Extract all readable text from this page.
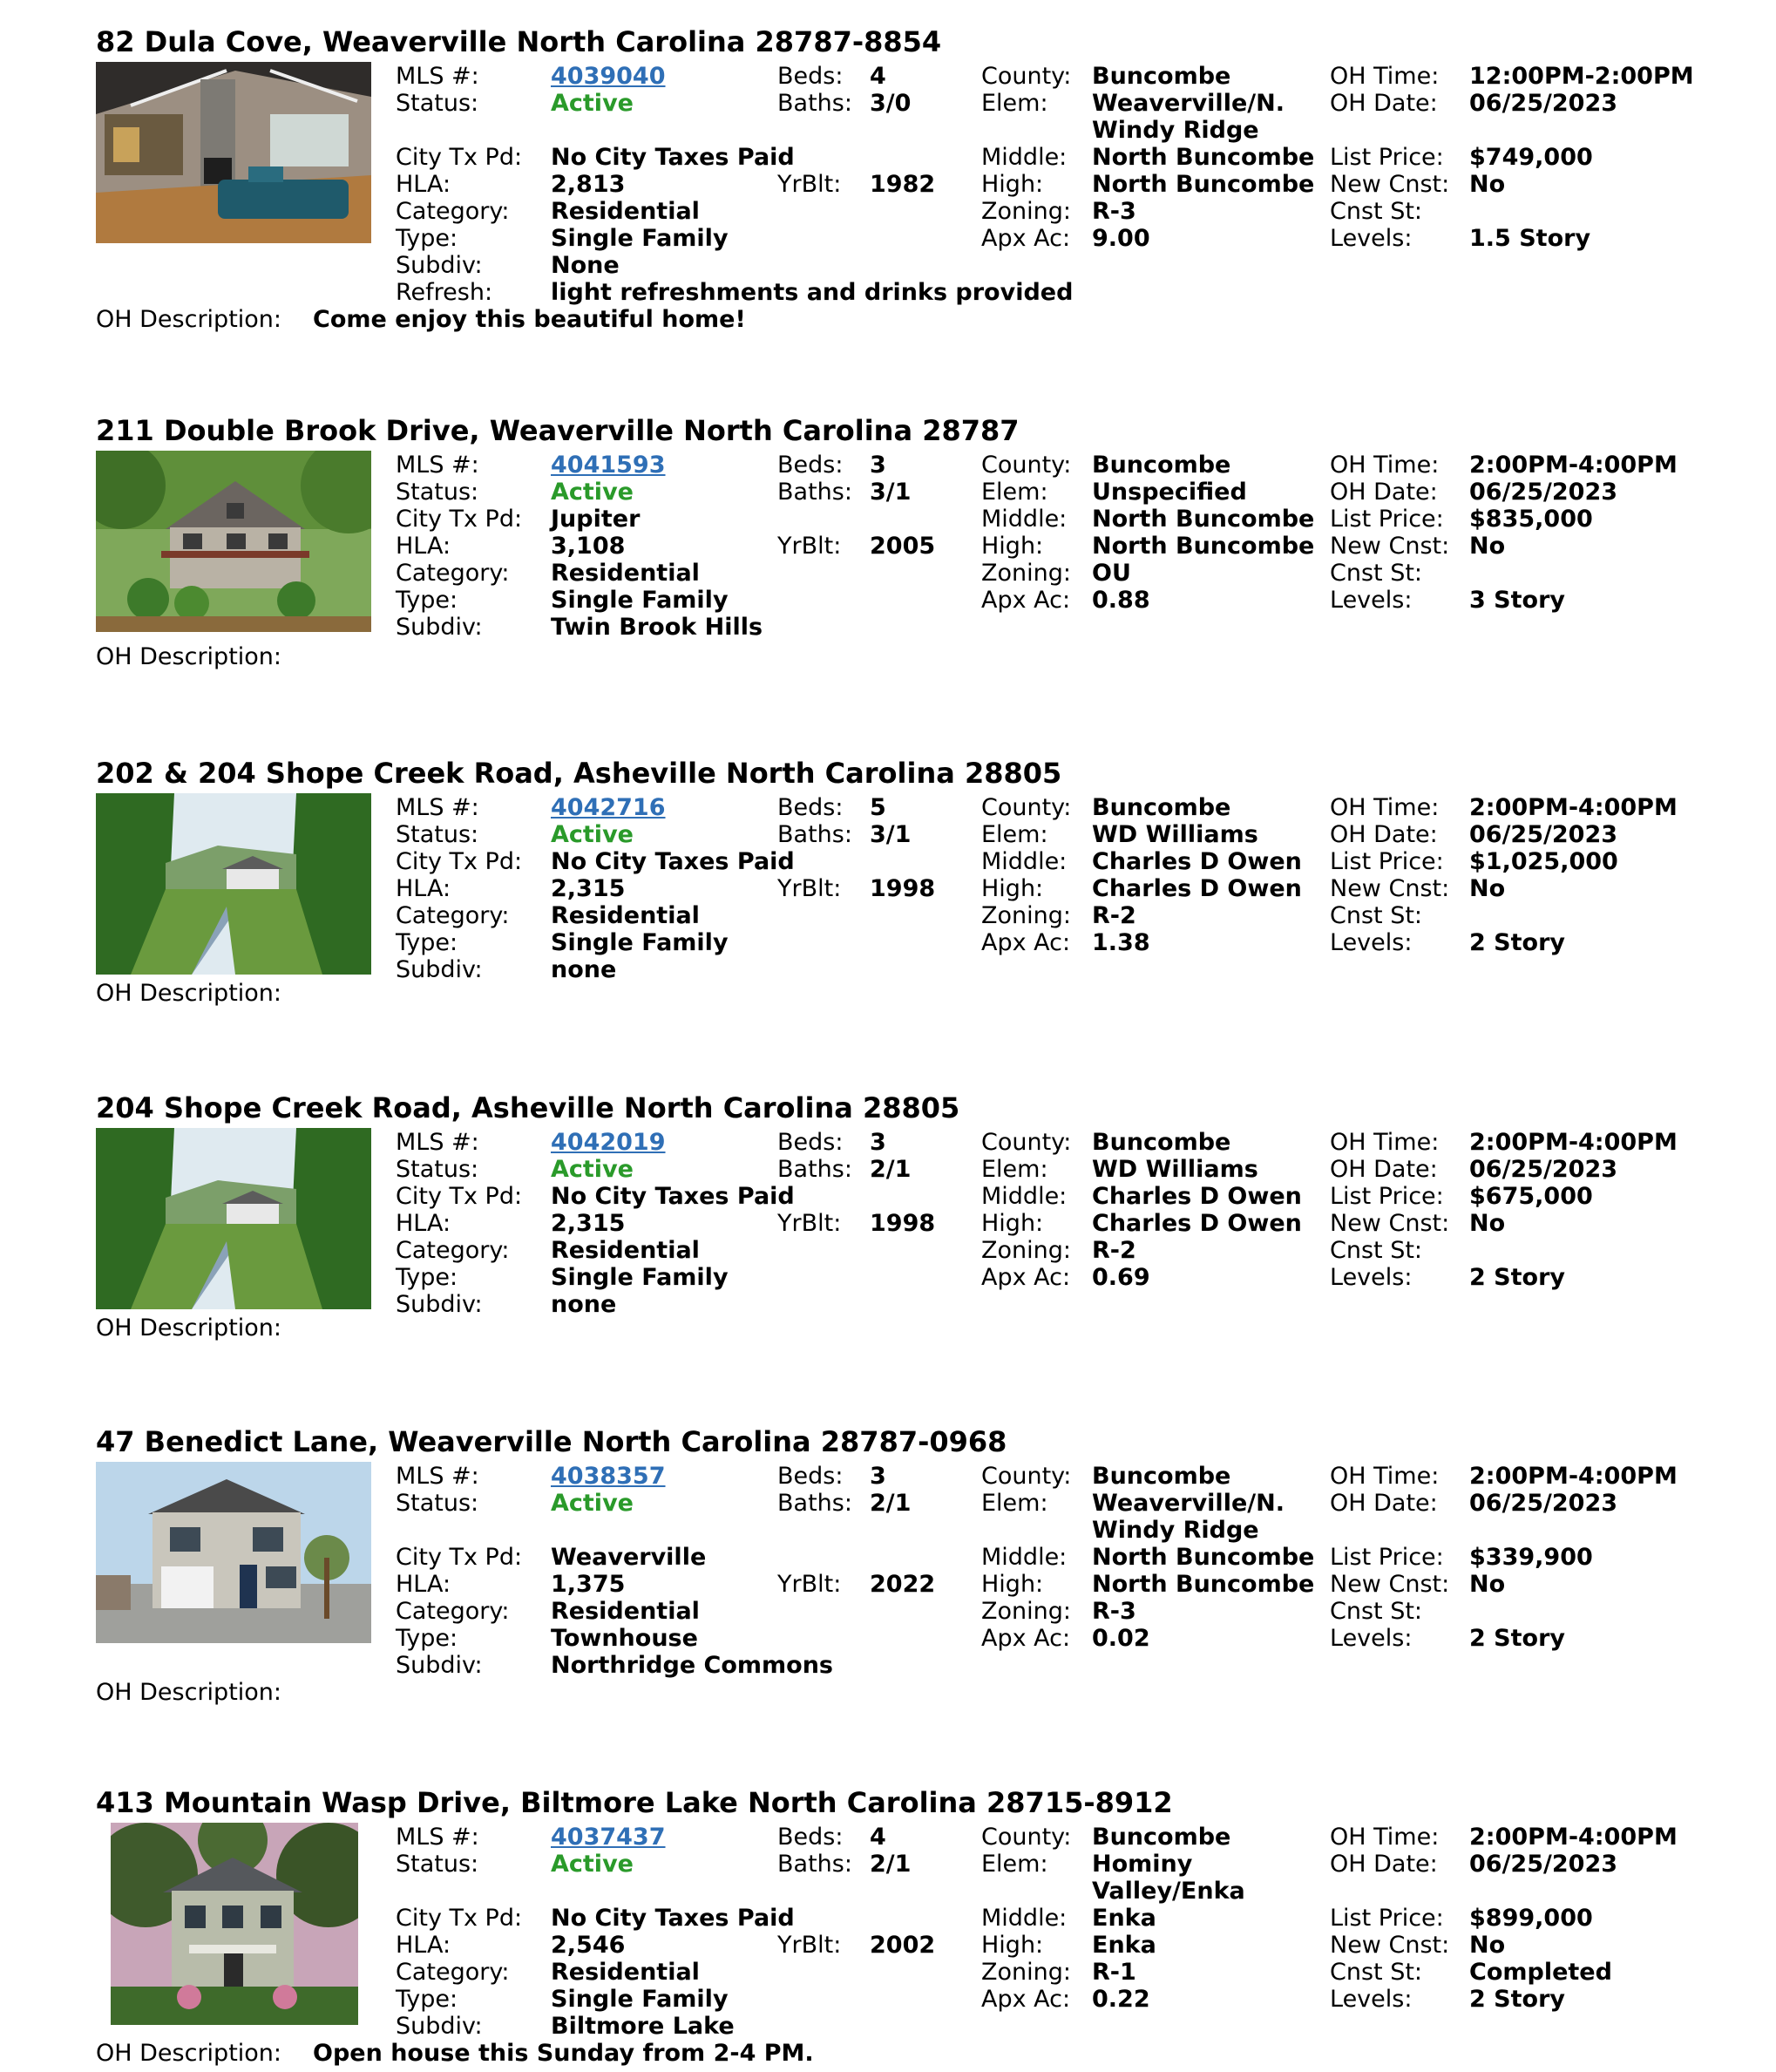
82 Dula Cove, Weaverville North Carolina 28787-8854
MLS #:	4039040
Status:	Active
City Tx Pd: No City Taxes Paid
HLA:	2,813
Category: Residential
Type:	Single Family
Subdiv:	None
Refresh: light refreshments and drinks provided
Beds: 4
Baths: 3/0
YrBlt: 1982
County: Buncombe
Elem: Weaverville/N.
Windy Ridge
Middle: North Buncombe
High: North Buncombe
Zoning: R-3
Apx Ac: 9.00
OH Time: 12:00PM-2:00PM
OH Date: 06/25/2023
List Price: $749,000
New Cnst: No
Cnst St:
Levels: 1.5 Story
OH Description: Come enjoy this beautiful home!
211 Double Brook Drive, Weaverville North Carolina 28787
MLS #:	4041593
Status:	Active
City Tx Pd: Jupiter
HLA:	3,108
Category: Residential
Type:	Single Family
Subdiv:	Twin Brook Hills
Beds: 3
Baths: 3/1
YrBlt: 2005
County: Buncombe
Elem: Unspecified
Middle: North Buncombe
High: North Buncombe
Zoning: OU
Apx Ac: 0.88
OH Time: 2:00PM-4:00PM
OH Date: 06/25/2023
List Price: $835,000
New Cnst: No
Cnst St:
Levels: 3 Story
OH Description:
202 & 204 Shope Creek Road, Asheville North Carolina 28805
MLS #:	4042716
Status:	Active
City Tx Pd: No City Taxes Paid
HLA:	2,315
Category: Residential
Type:	Single Family
Subdiv:	none
Beds: 5
Baths: 3/1
YrBlt: 1998
County: Buncombe
Elem: WD Williams
Middle: Charles D Owen
High: Charles D Owen
Zoning: R-2
Apx Ac: 1.38
OH Time: 2:00PM-4:00PM
OH Date: 06/25/2023
List Price: $1,025,000
New Cnst: No
Cnst St:
Levels: 2 Story
OH Description:
204 Shope Creek Road, Asheville North Carolina 28805
MLS #:	4042019
Status:	Active
City Tx Pd: No City Taxes Paid
HLA:	2,315
Category: Residential
Type:	Single Family
Subdiv:	none
Beds: 3
Baths: 2/1
YrBlt: 1998
County: Buncombe
Elem: WD Williams
Middle: Charles D Owen
High: Charles D Owen
Zoning: R-2
Apx Ac: 0.69
OH Time: 2:00PM-4:00PM
OH Date: 06/25/2023
List Price: $675,000
New Cnst: No
Cnst St:
Levels: 2 Story
OH Description:
47 Benedict Lane, Weaverville North Carolina 28787-0968
MLS #:	4038357
Status:	Active
City Tx Pd: Weaverville
HLA:	1,375
Category: Residential
Type:	Townhouse
Subdiv:	Northridge Commons
Beds: 3
Baths: 2/1
YrBlt: 2022
County: Buncombe
Elem: Weaverville/N.
Windy Ridge
Middle: North Buncombe
High: North Buncombe
Zoning: R-3
Apx Ac: 0.02
OH Time: 2:00PM-4:00PM
OH Date: 06/25/2023
List Price: $339,900
New Cnst: No
Cnst St:
Levels: 2 Story
OH Description:
413 Mountain Wasp Drive, Biltmore Lake North Carolina 28715-8912
MLS #:	4037437
Status:	Active
City Tx Pd: No City Taxes Paid
HLA:	2,546
Category: Residential
Type:	Single Family
Subdiv:	Biltmore Lake
Beds: 4
Baths: 2/1
YrBlt: 2002
County: Buncombe
Elem: Hominy
Valley/Enka
Middle: Enka
High: Enka
Zoning: R-1
Apx Ac: 0.22
OH Time: 2:00PM-4:00PM
OH Date: 06/25/2023
List Price: $899,000
New Cnst: No
Cnst St: Completed
Levels: 2 Story
OH Description: Open house this Sunday from 2-4 PM.
